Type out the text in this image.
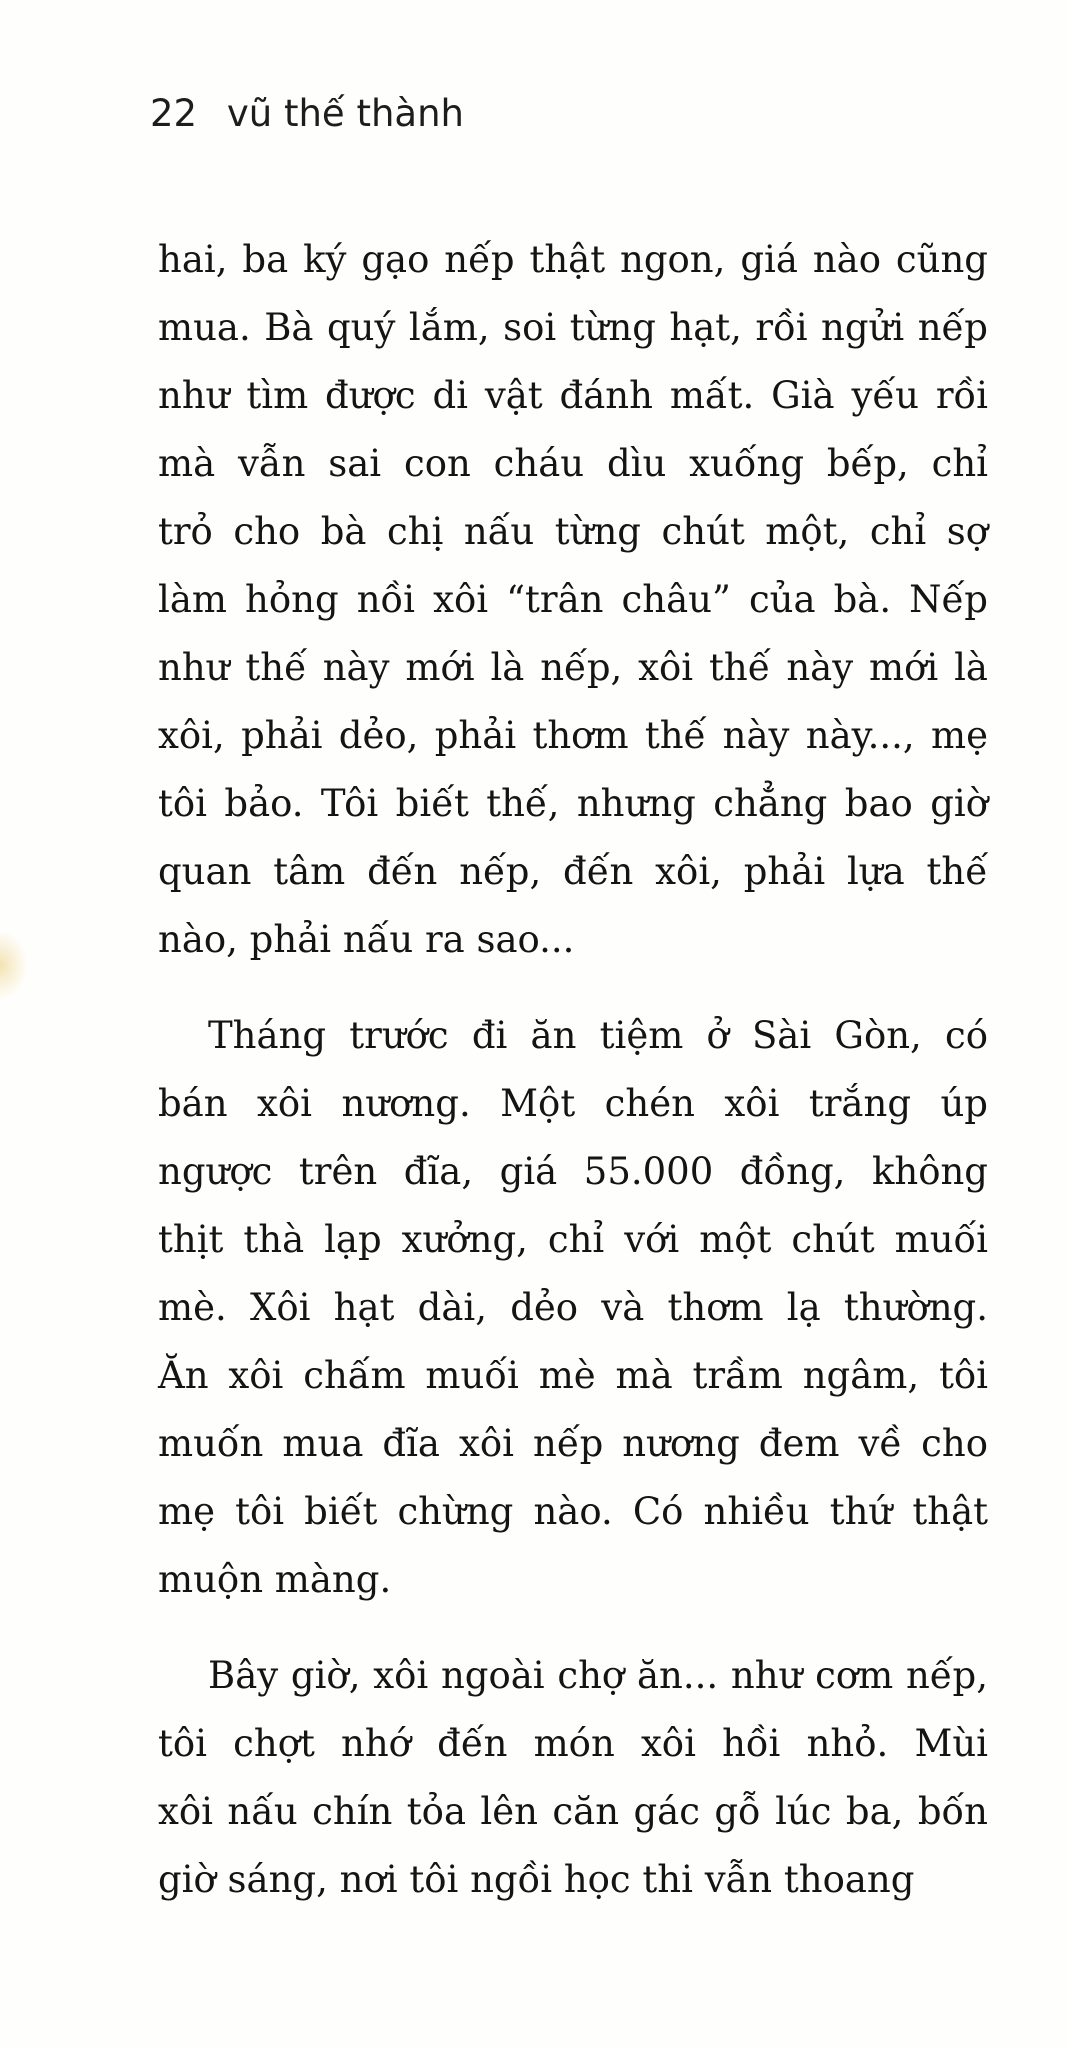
22 vũ thế thành

hai, ba ký gạo nếp thật ngon, giá nào cũng
mua. Bà quý lắm, soi từng hạt, rồi ngửi nếp
như tìm được di vật đánh mất. Già yếu rồi
mà vẫn sai con cháu dìu xuống bếp, chỉ
trỏ cho bà chị nấu từng chút một, chỉ sợ
làm hỏng nồi xôi “trân châu” của bà. Nếp
như thế này mới là nếp, xôi thế này mới là
xôi, phải dẻo, phải thơm thế này này..., mẹ
tôi bảo. Tôi biết thế, nhưng chẳng bao giờ
quan tâm đến nếp, đến xôi, phải lựa thế
nào, phải nấu ra sao...

Tháng trước đi ăn tiệm ở Sài Gòn, có
bán xôi nương. Một chén xôi trắng úp
ngược trên đĩa, giá 55.000 đồng, không
thịt thà lạp xưởng, chỉ với một chút muối
mè. Xôi hạt dài, dẻo và thơm lạ thường.
Ăn xôi chấm muối mè mà trầm ngâm, tôi
muốn mua đĩa xôi nếp nương đem về cho
mẹ tôi biết chừng nào. Có nhiều thứ thật
muộn màng.

Bây giờ, xôi ngoài chợ ăn... như cơm nếp,
tôi chợt nhớ đến món xôi hồi nhỏ. Mùi
xôi nấu chín tỏa lên căn gác gỗ lúc ba, bốn
giờ sáng, nơi tôi ngồi học thi vẫn thoang
